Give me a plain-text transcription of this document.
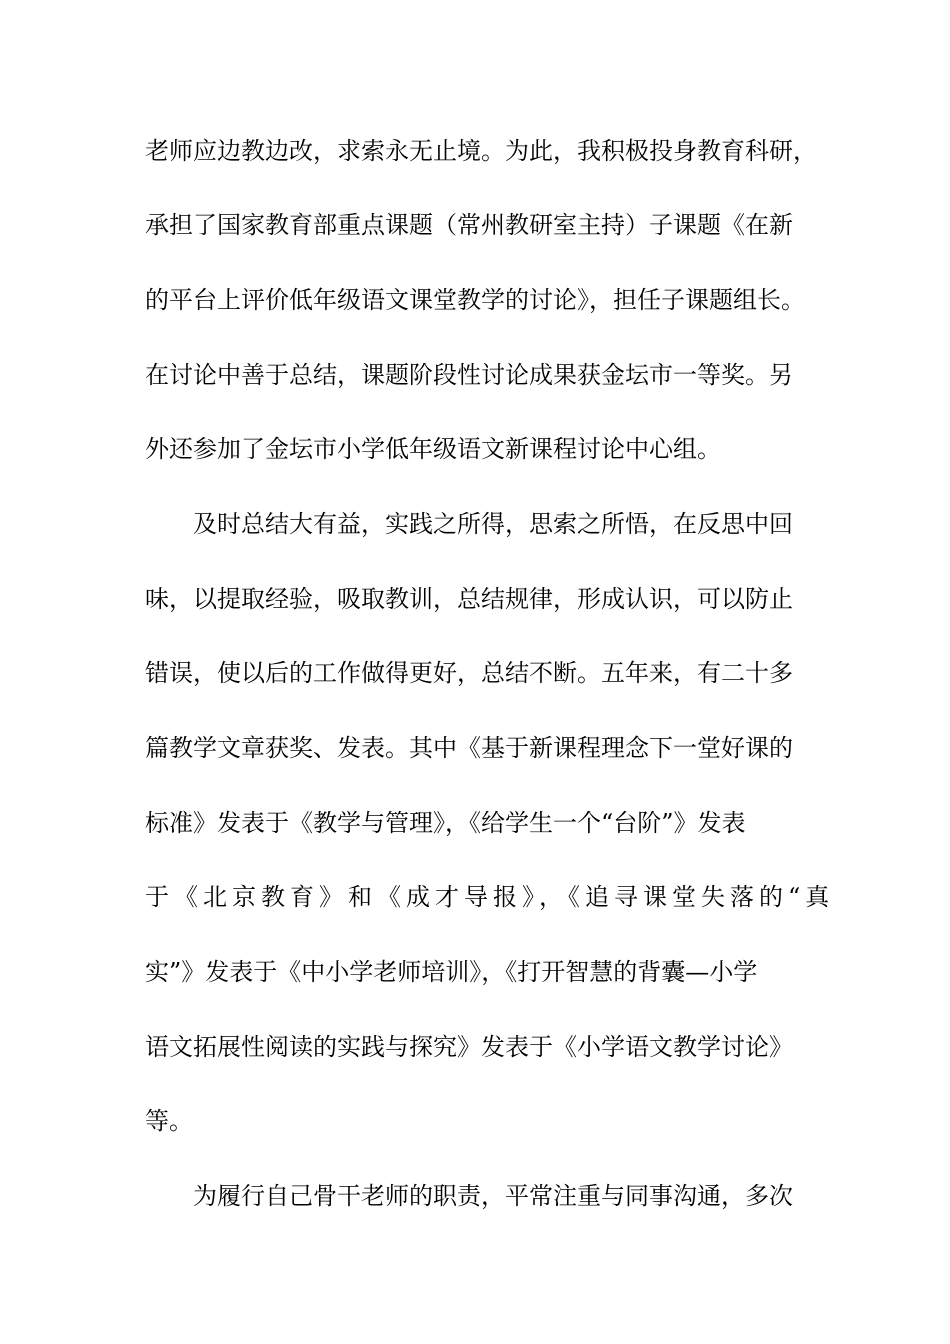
老师应边教边改，求索永无止境。为此，我积极投身教育科研，
承担了国家教育部重点课题（常州教研室主持）子课题《在新
的平台上评价低年级语文课堂教学的讨论》，担任子课题组长。
在讨论中善于总结，课题阶段性讨论成果获金坛市一等奖。另
外还参加了金坛市小学低年级语文新课程讨论中心组。
及时总结大有益，实践之所得，思索之所悟，在反思中回
味，以提取经验，吸取教训，总结规律，形成认识，可以防止
错误，使以后的工作做得更好，总结不断。五年来，有二十多
篇教学文章获奖、发表。其中《基于新课程理念下一堂好课的
标准》发表于《教学与管理》，《给学生一个“台阶”》发表
于《北京教育》和《成才导报》，《追寻课堂失落的“真
实”》发表于《中小学老师培训》，《打开智慧的背囊—小学
语文拓展性阅读的实践与探究》发表于《小学语文教学讨论》
等。
为履行自己骨干老师的职责，平常注重与同事沟通，多次
